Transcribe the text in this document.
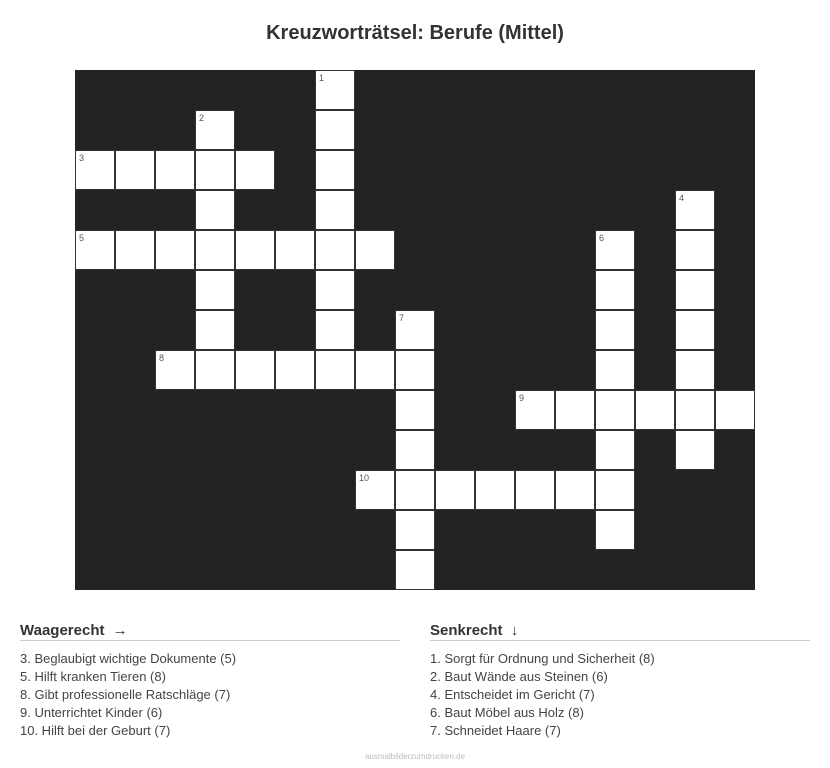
Kreuzworträtsel: Berufe (Mittel)
1
2
3
4
5	6
7
8
9
10
Waagerecht →
3. Beglaubigt wichtige Dokumente (5)
5. Hilft kranken Tieren (8)
8. Gibt professionelle Ratschläge (7)
9. Unterrichtet Kinder (6)
10. Hilft bei der Geburt (7)
Senkrecht ↓
1. Sorgt für Ordnung und Sicherheit (8)
2. Baut Wände aus Steinen (6)
4. Entscheidet im Gericht (7)
6. Baut Möbel aus Holz (8)
7. Schneidet Haare (7)
ausmalbilderzumdrucken.de
